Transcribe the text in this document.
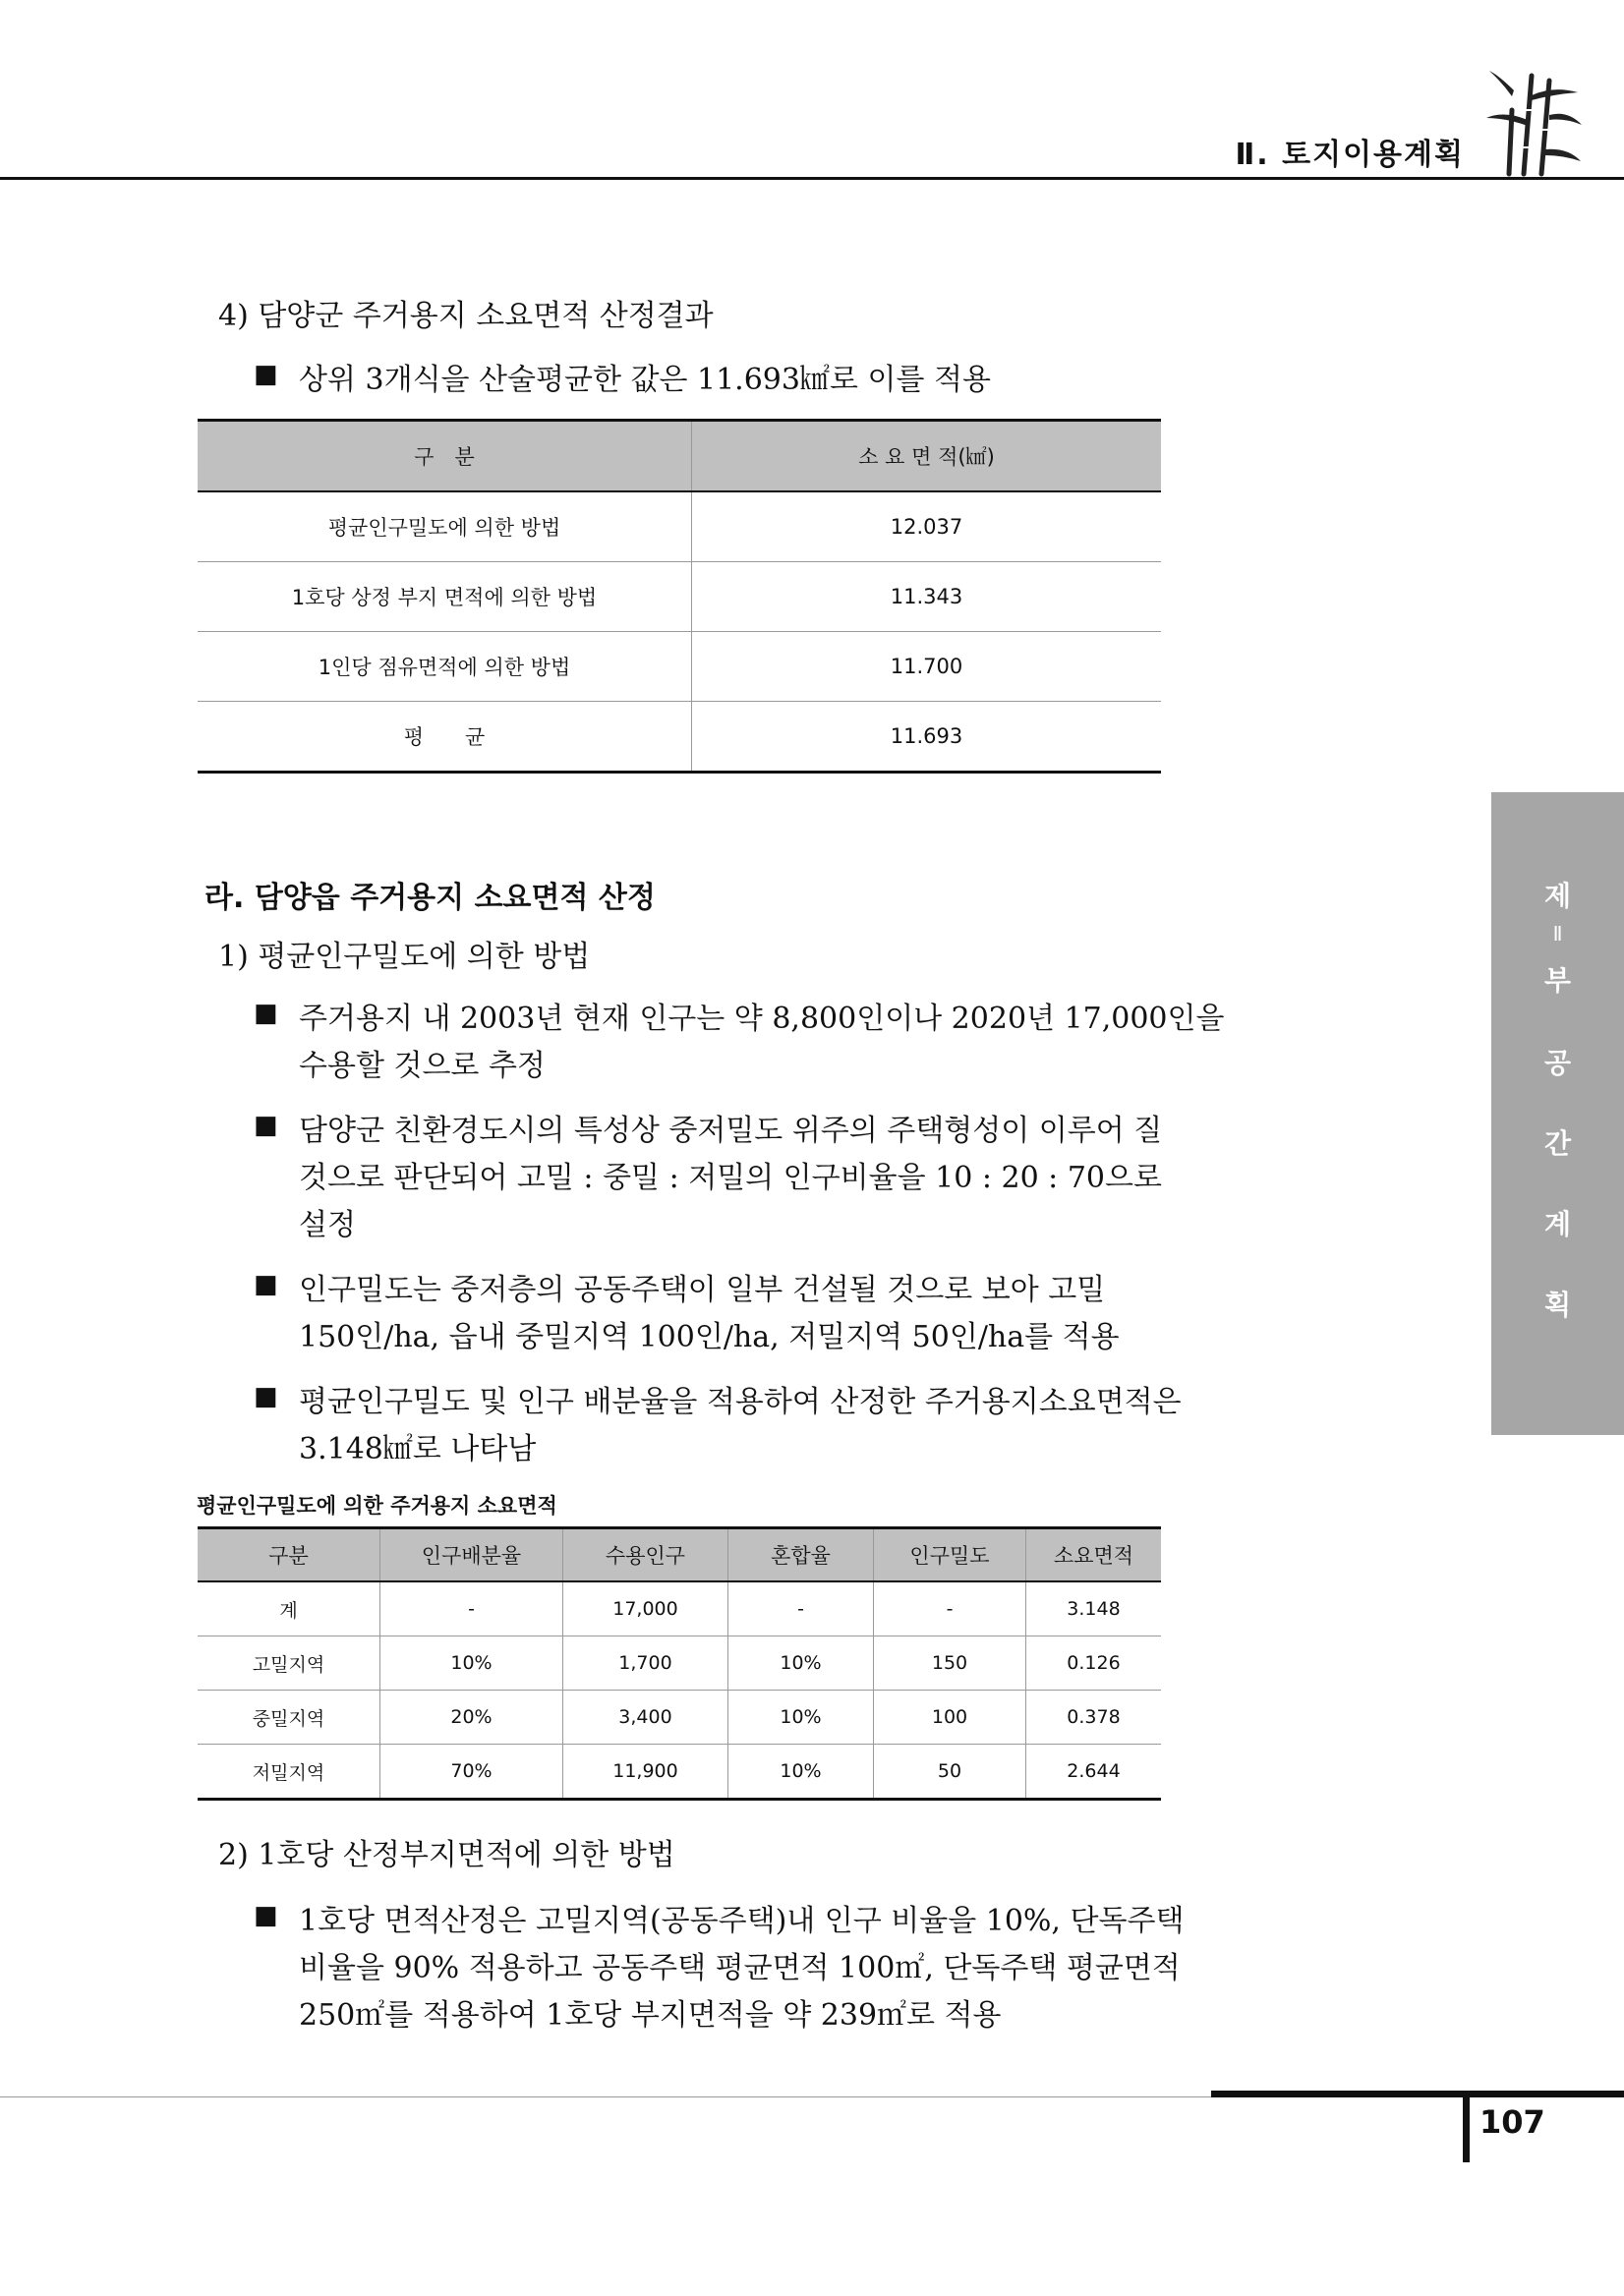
Ⅱ. 토지이용계획
제
Ⅱ
부
공
간
계
획
4) 담양군 주거용지 소요면적 산정결과
■ 상위 3개식을 산술평균한 값은 11.693㎢로 이를 적용
구　분	소 요 면 적(㎢)
평균인구밀도에 의한 방법	12.037
1호당 상정 부지 면적에 의한 방법	11.343
1인당 점유면적에 의한 방법	11.700
평　　균	11.693
라. 담양읍 주거용지 소요면적 산정
1) 평균인구밀도에 의한 방법
■ 주거용지 내 2003년 현재 인구는 약 8,800인이나 2020년 17,000인을
수용할 것으로 추정
■ 담양군 친환경도시의 특성상 중저밀도 위주의 주택형성이 이루어 질
것으로 판단되어 고밀 : 중밀 : 저밀의 인구비율을 10 : 20 : 70으로
설정
■ 인구밀도는 중저층의 공동주택이 일부 건설될 것으로 보아 고밀
150인/ha, 읍내 중밀지역 100인/ha, 저밀지역 50인/ha를 적용
■ 평균인구밀도 및 인구 배분율을 적용하여 산정한 주거용지소요면적은
3.148㎢로 나타남
평균인구밀도에 의한 주거용지 소요면적
구분	인구배분율	수용인구	혼합율	인구밀도	소요면적
계	-	17,000	-	-	3.148
고밀지역	10%	1,700	10%	150	0.126
중밀지역	20%	3,400	10%	100	0.378
저밀지역	70%	11,900	10%	50	2.644
2) 1호당 산정부지면적에 의한 방법
■ 1호당 면적산정은 고밀지역(공동주택)내 인구 비율을 10%, 단독주택
비율을 90% 적용하고 공동주택 평균면적 100㎡, 단독주택 평균면적
250㎡를 적용하여 1호당 부지면적을 약 239㎡로 적용
107
